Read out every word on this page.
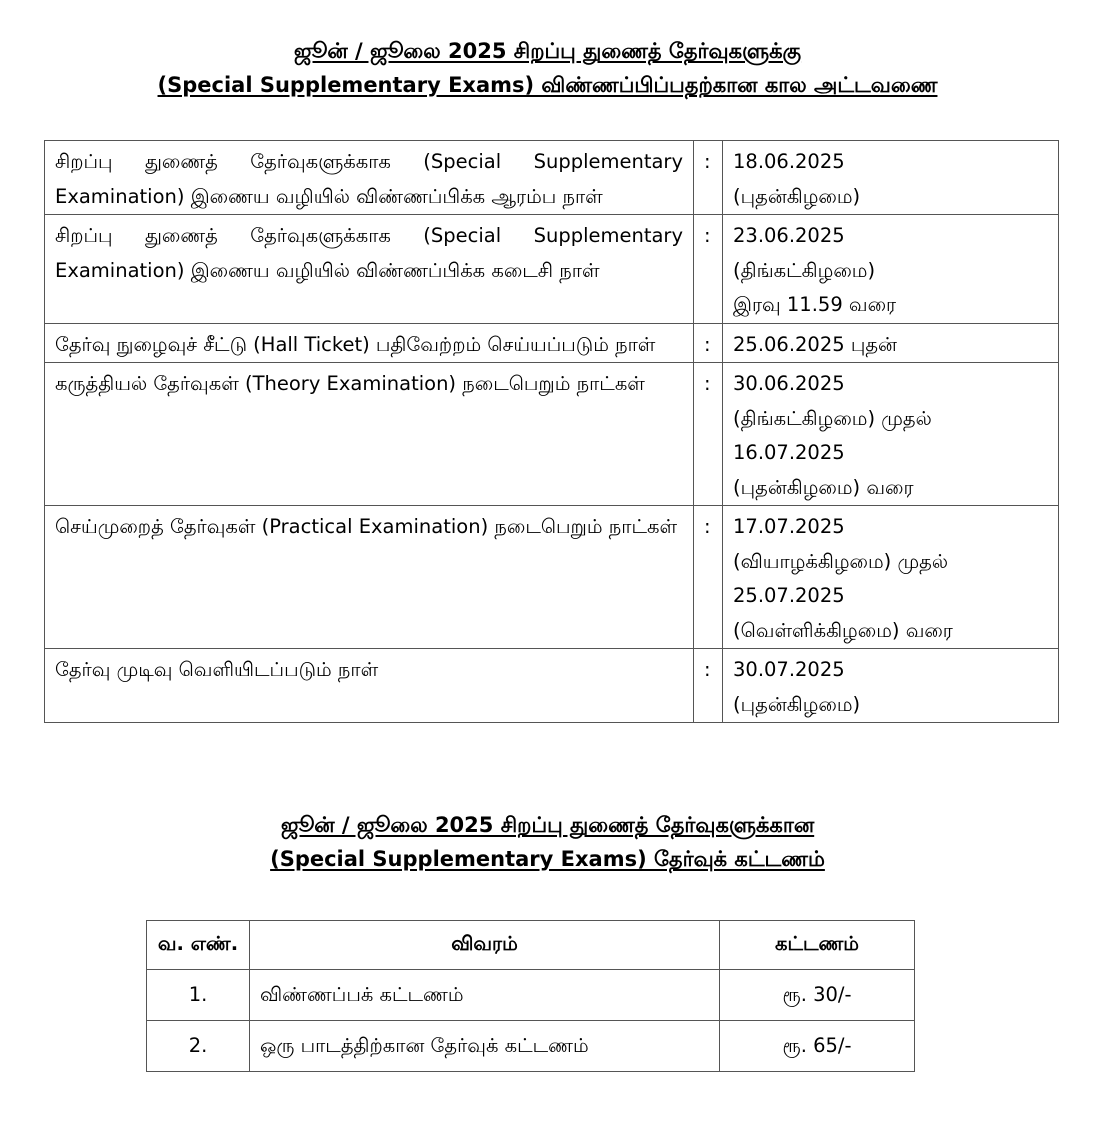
ஜூன் / ஜூலை 2025 சிறப்பு துணைத் தேர்வுகளுக்கு
(Special Supplementary Exams) விண்ணப்பிப்பதற்கான கால அட்டவணை
சிறப்பு துணைத் தேர்வுகளுக்காக (Special Supplementary Examination) இணைய வழியில் விண்ணப்பிக்க ஆரம்ப நாள்	:	18.06.2025
(புதன்கிழமை)

சிறப்பு துணைத் தேர்வுகளுக்காக (Special Supplementary Examination) இணைய வழியில் விண்ணப்பிக்க கடைசி நாள்	:	23.06.2025
(திங்கட்கிழமை)
இரவு 11.59 வரை

தேர்வு நுழைவுச் சீட்டு (Hall Ticket) பதிவேற்றம் செய்யப்படும் நாள்	:	25.06.2025 புதன்

கருத்தியல் தேர்வுகள் (Theory Examination) நடைபெறும் நாட்கள்	:	30.06.2025
(திங்கட்கிழமை) முதல்
16.07.2025
(புதன்கிழமை) வரை

செய்முறைத் தேர்வுகள் (Practical Examination) நடைபெறும் நாட்கள்	:	17.07.2025
(வியாழக்கிழமை) முதல்
25.07.2025
(வெள்ளிக்கிழமை) வரை

தேர்வு முடிவு வெளியிடப்படும் நாள்	:	30.07.2025
(புதன்கிழமை)
ஜூன் / ஜூலை 2025 சிறப்பு துணைத் தேர்வுகளுக்கான
(Special Supplementary Exams) தேர்வுக் கட்டணம்
வ. எண்.	விவரம்	கட்டணம்
1.	விண்ணப்பக் கட்டணம்	ரூ. 30/-
2.	ஒரு பாடத்திற்கான தேர்வுக் கட்டணம்	ரூ. 65/-
